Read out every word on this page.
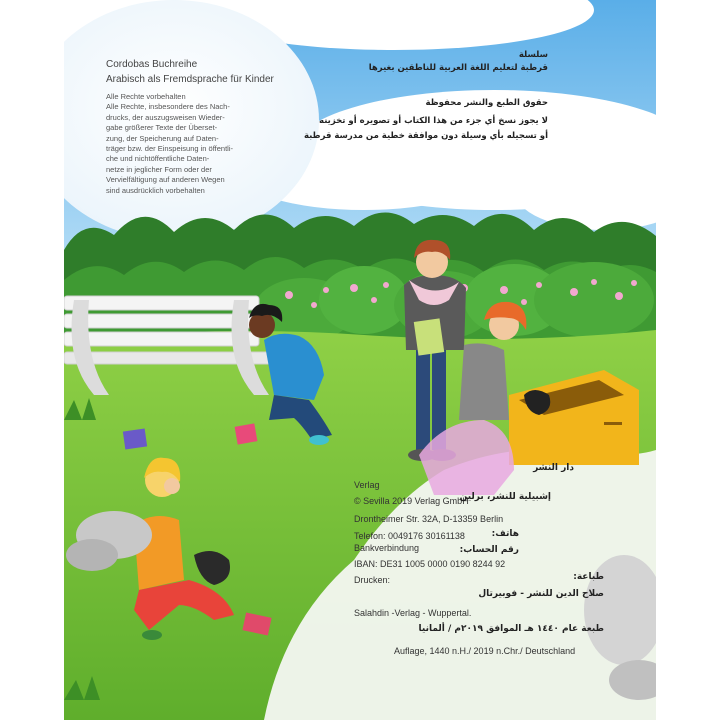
Cordobas Buchreihe

Arabisch als Fremdsprache für Kinder

Alle Rechte vorbehalten
Alle Rechte, insbesondere des Nach-
drucks, der auszugsweisen Wieder-
gabe größerer Texte der Überset-
zung, der Speicherung auf Daten-
träger bzw. der Einspeisung in öffentli-
che und nichtöffentliche Daten-
netze in jeglicher Form oder der
Vervielfältigung auf anderen Wegen
sind ausdrücklich vorbehalten

سلسلة

قرطبة لتعليم اللغة العربية للناطقين بغيرها

حقوق الطبع والنشر محفوظة

لا يجوز نسخ أي جزء من هذا الكتاب أو تصويره أو تخزينه

أو تسجيله بأي وسيلة دون موافقة خطية من مدرسة قرطبة

Verlag

دار النشر

© Sevilla 2019 Verlag GmbH

إشبيلية للنشر، برلين

Drontheimer Str. 32A, D-13359 Berlin

هاتف:

Telefon: 0049176 30161138

رقم الحساب:

Bankverbindung

IBAN: DE31 1005 0000 0190 8244 92

Drucken:	طباعة:

صلاح الدين للنشر - فوبيرتال

Salahdin -Verlag - Wuppertal.

طبعة عام ١٤٤٠ هـ الموافق ٢٠١٩م / ألمانيا

Auflage, 1440 n.H./ 2019 n.Chr./ Deutschland
